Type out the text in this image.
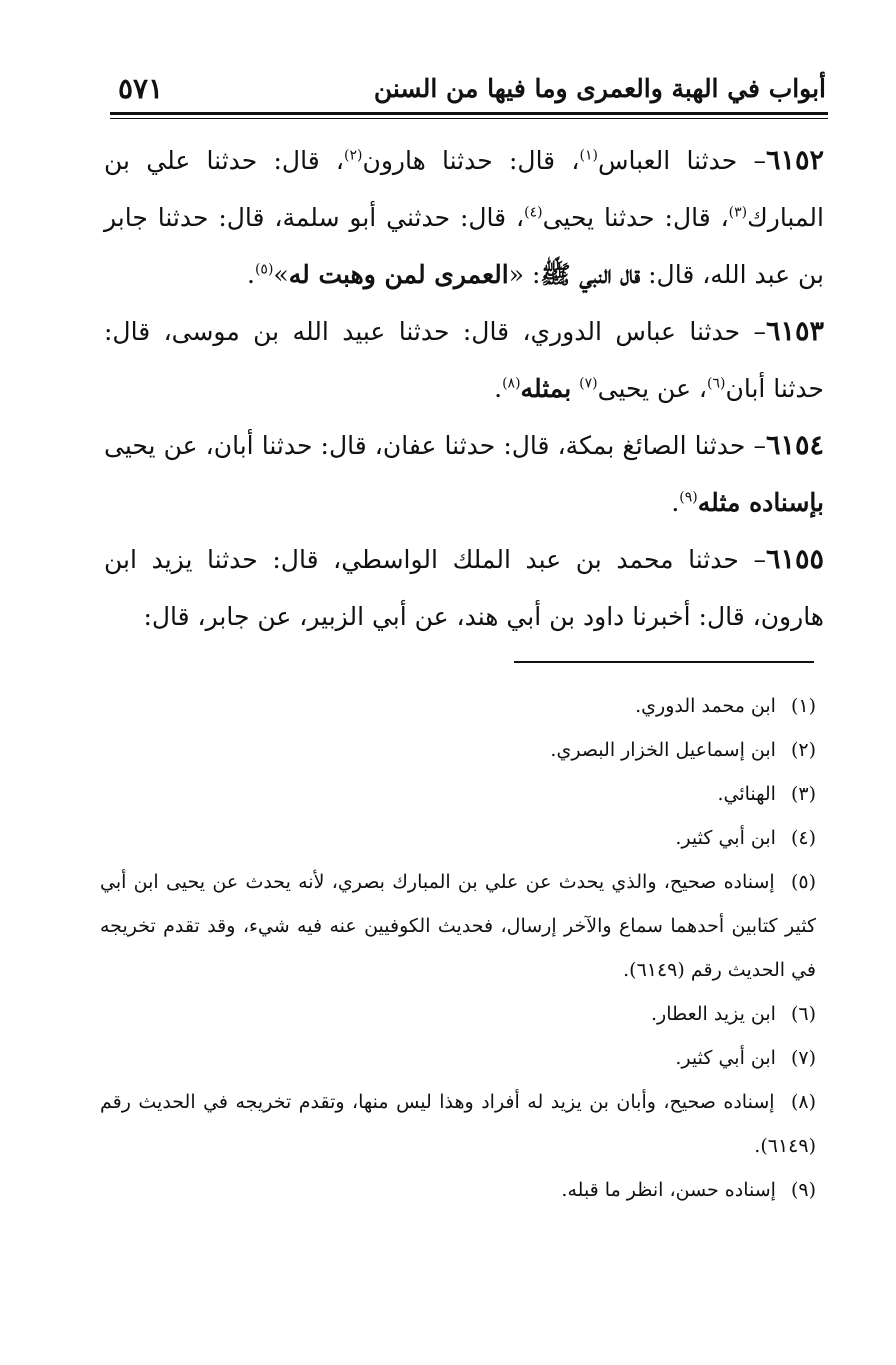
أبواب في الهبة والعمرى وما فيها من السنن
٥٧١

٦١٥٢– حدثنا العباس$^{(١)}$، قال: حدثنا هارون$^{(٢)}$، قال: حدثنا علي بن المبارك$^{(٣)}$، قال: حدثنا يحيى$^{(٤)}$، قال: حدثني أبو سلمة، قال: حدثنا جابر بن عبد الله، قال: قال النبي ﷺ: «العمرى لمن وهبت له»$^{(٥)}$.

٦١٥٣– حدثنا عباس الدوري، قال: حدثنا عبيد الله بن موسى، قال: حدثنا أبان$^{(٦)}$، عن يحيى$^{(٧)}$ بمثله$^{(٨)}$.

٦١٥٤– حدثنا الصائغ بمكة، قال: حدثنا عفان، قال: حدثنا أبان، عن يحيى بإسناده مثله$^{(٩)}$.

٦١٥٥– حدثنا محمد بن عبد الملك الواسطي، قال: حدثنا يزيد ابن هارون، قال: أخبرنا داود بن أبي هند، عن أبي الزبير، عن جابر، قال:

(١) ابن محمد الدوري.

(٢) ابن إسماعيل الخزار البصري.

(٣) الهنائي.

(٤) ابن أبي كثير.

(٥) إسناده صحيح، والذي يحدث عن علي بن المبارك بصري، لأنه يحدث عن يحيى ابن أبي كثير كتابين أحدهما سماع والآخر إرسال، فحديث الكوفيين عنه فيه شيء، وقد تقدم تخريجه في الحديث رقم (٦١٤٩).

(٦) ابن يزيد العطار.

(٧) ابن أبي كثير.

(٨) إسناده صحيح، وأبان بن يزيد له أفراد وهذا ليس منها، وتقدم تخريجه في الحديث رقم (٦١٤٩).

(٩) إسناده حسن، انظر ما قبله.
